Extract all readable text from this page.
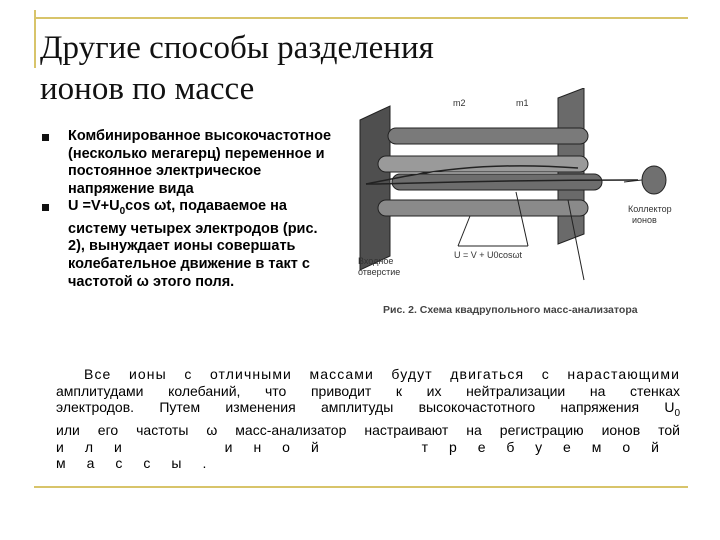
Другие способы разделения
ионов по массе
Комбинированное высокочастотное (несколько мегагерц) переменное и постоянное электрическое напряжение вида
$U =V+U_0\cos$ ωt, подаваемое на систему четырех электродов (рис. 2), вынуждает ионы совершать колебательное движение в такт с частотой ω этого поля.
m2	m1
Коллектор
ионов
Входное
отверстие
U = V + U0cosωt
Рис. 2. Схема квадрупольного масс-анализатора

Все ионы с отличными массами будут двигаться с нарастающими

амплитудами колебаний, что приводит к их нейтрализации на стенках

электродов. Путем изменения амплитуды высокочастотного напряжения $U_0$

или его частоты ω масс-анализатор настраивают на регистрацию ионов той

или иной требуемой массы.
